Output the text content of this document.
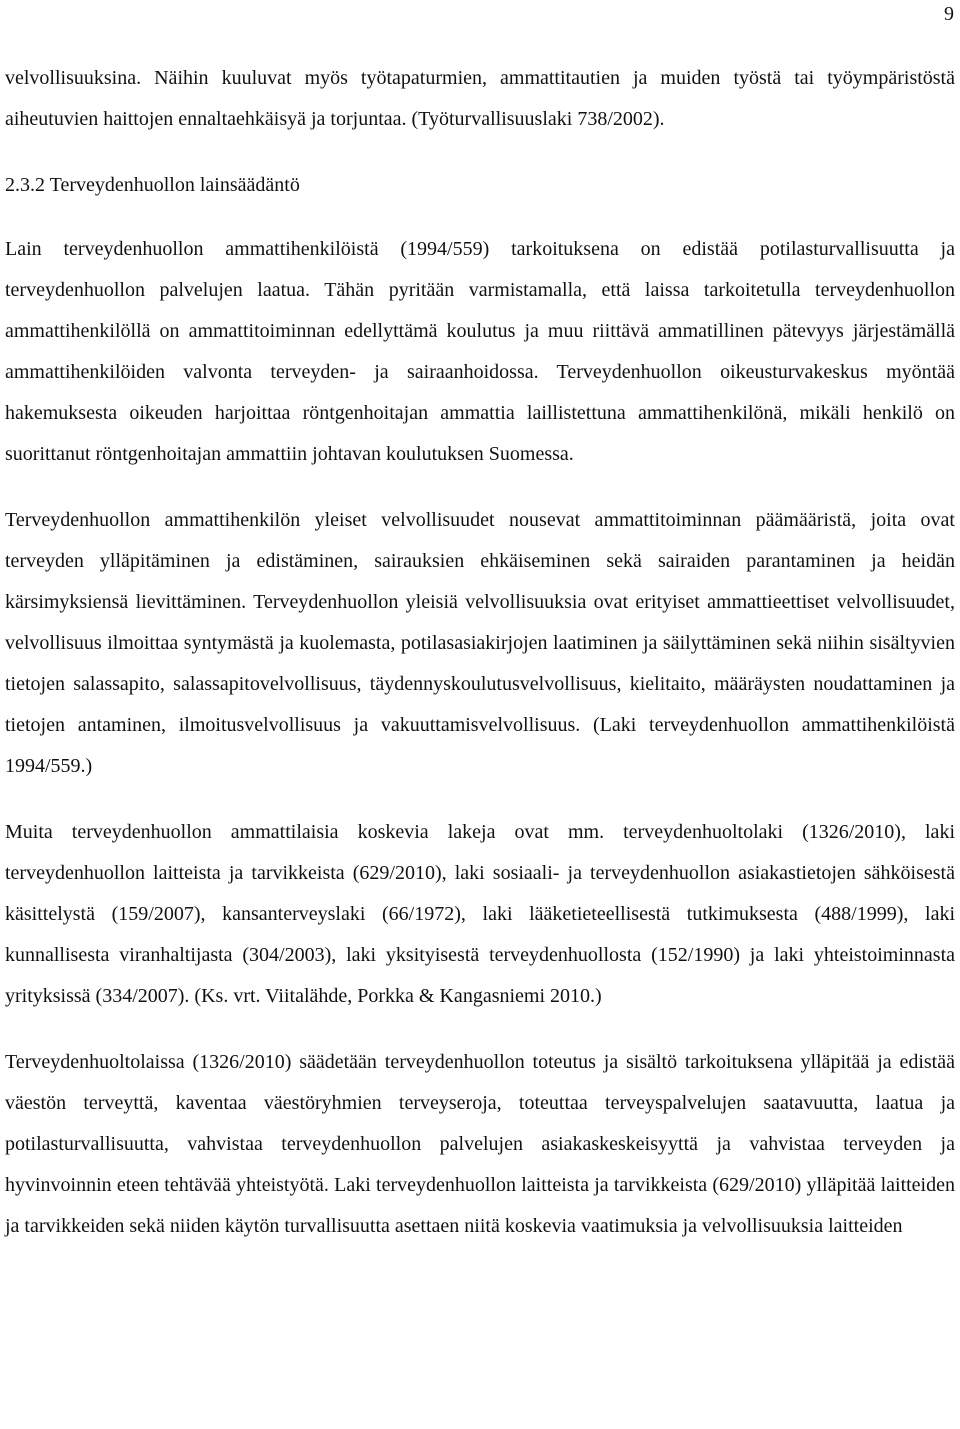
9

velvollisuuksina. Näihin kuuluvat myös työtapaturmien, ammattitautien ja muiden työstä tai työympäristöstä aiheutuvien haittojen ennaltaehkäisyä ja torjuntaa. (Työturvallisuuslaki 738/2002).

2.3.2 Terveydenhuollon lainsäädäntö

Lain terveydenhuollon ammattihenkilöistä (1994/559) tarkoituksena on edistää potilasturvallisuutta ja terveydenhuollon palvelujen laatua. Tähän pyritään varmistamalla, että laissa tarkoitetulla terveydenhuollon ammattihenkilöllä on ammattitoiminnan edellyttämä koulutus ja muu riittävä ammatillinen pätevyys järjestämällä ammattihenkilöiden valvonta terveyden- ja sairaanhoidossa. Terveydenhuollon oikeusturvakeskus myöntää hakemuksesta oikeuden harjoittaa röntgenhoitajan ammattia laillistettuna ammattihenkilönä, mikäli henkilö on suorittanut röntgenhoitajan ammattiin johtavan koulutuksen Suomessa.

Terveydenhuollon ammattihenkilön yleiset velvollisuudet nousevat ammattitoiminnan päämääristä, joita ovat terveyden ylläpitäminen ja edistäminen, sairauksien ehkäiseminen sekä sairaiden parantaminen ja heidän kärsimyksiensä lievittäminen. Terveydenhuollon yleisiä velvollisuuksia ovat erityiset ammattieettiset velvollisuudet, velvollisuus ilmoittaa syntymästä ja kuolemasta, potilasasiakirjojen laatiminen ja säilyttäminen sekä niihin sisältyvien tietojen salassapito, salassapitovelvollisuus, täydennyskoulutusvelvollisuus, kielitaito, määräysten noudattaminen ja tietojen antaminen, ilmoitusvelvollisuus ja vakuuttamisvelvollisuus. (Laki terveydenhuollon ammattihenkilöistä 1994/559.)

Muita terveydenhuollon ammattilaisia koskevia lakeja ovat mm. terveydenhuoltolaki (1326/2010), laki terveydenhuollon laitteista ja tarvikkeista (629/2010), laki sosiaali- ja terveydenhuollon asiakastietojen sähköisestä käsittelystä (159/2007), kansanterveyslaki (66/1972), laki lääketieteellisestä tutkimuksesta (488/1999), laki kunnallisesta viranhaltijasta (304/2003), laki yksityisestä terveydenhuollosta (152/1990) ja laki yhteistoiminnasta yrityksissä (334/2007). (Ks. vrt. Viitalähde, Porkka & Kangasniemi 2010.)

Terveydenhuoltolaissa (1326/2010) säädetään terveydenhuollon toteutus ja sisältö tarkoituksena ylläpitää ja edistää väestön terveyttä, kaventaa väestöryhmien terveyseroja, toteuttaa terveyspalvelujen saatavuutta, laatua ja potilasturvallisuutta, vahvistaa terveydenhuollon palvelujen asiakaskeskeisyyttä ja vahvistaa terveyden ja hyvinvoinnin eteen tehtävää yhteistyötä. Laki terveydenhuollon laitteista ja tarvikkeista (629/2010) ylläpitää laitteiden ja tarvikkeiden sekä niiden käytön turvallisuutta asettaen niitä koskevia vaatimuksia ja velvollisuuksia laitteiden
